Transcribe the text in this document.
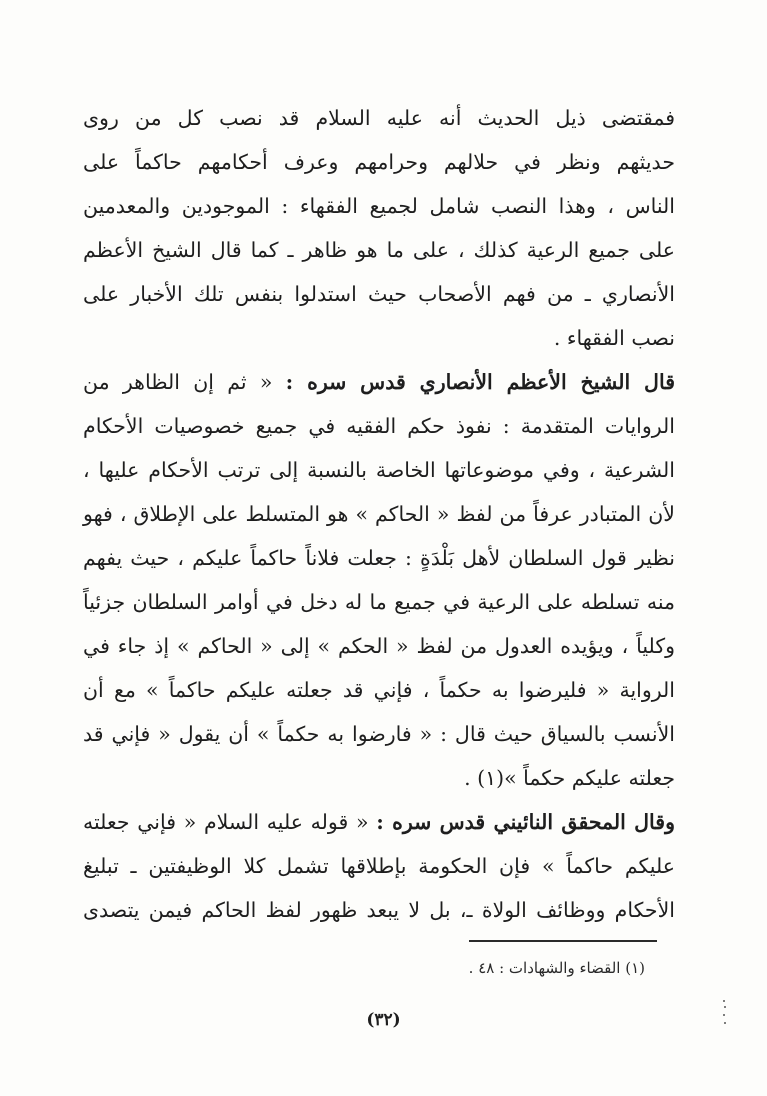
فمقتضى ذيل الحديث أنه عليه السلام قد نصب كل من روى
حديثهم ونظر في حلالهم وحرامهم وعرف أحكامهم حاكماً على
الناس ، وهذا النصب شامل لجميع الفقهاء : الموجودين والمعدمين
على جميع الرعية كذلك ، على ما هو ظاهر ـ كما قال الشيخ الأعظم
الأنصاري ـ من فهم الأصحاب حيث استدلوا بنفس تلك الأخبار على
نصب الفقهاء .
قال الشيخ الأعظم الأنصاري قدس سره : « ثم إن الظاهر من
الروايات المتقدمة : نفوذ حكم الفقيه في جميع خصوصيات الأحكام
الشرعية ، وفي موضوعاتها الخاصة بالنسبة إلى ترتب الأحكام عليها ،
لأن المتبادر عرفاً من لفظ « الحاكم » هو المتسلط على الإطلاق ، فهو
نظير قول السلطان لأهل بَلْدَةٍ : جعلت فلاناً حاكماً عليكم ، حيث يفهم
منه تسلطه على الرعية في جميع ما له دخل في أوامر السلطان جزئياً
وكلياً ، ويؤيده العدول من لفظ « الحكم » إلى « الحاكم » إذ جاء في
الرواية « فليرضوا به حكماً ، فإني قد جعلته عليكم حاكماً » مع أن
الأنسب بالسياق حيث قال : « فارضوا به حكماً » أن يقول « فإني قد
جعلته عليكم حكماً »(١) .
وقال المحقق النائيني قدس سره : « قوله عليه السلام « فإني جعلته
عليكم حاكماً » فإن الحكومة بإطلاقها تشمل كلا الوظيفتين ـ تبليغ
الأحكام ووظائف الولاة ـ، بل لا يبعد ظهور لفظ الحاكم فيمن يتصدى
(١) القضاء والشهادات : ٤٨ .
(٣٢)
